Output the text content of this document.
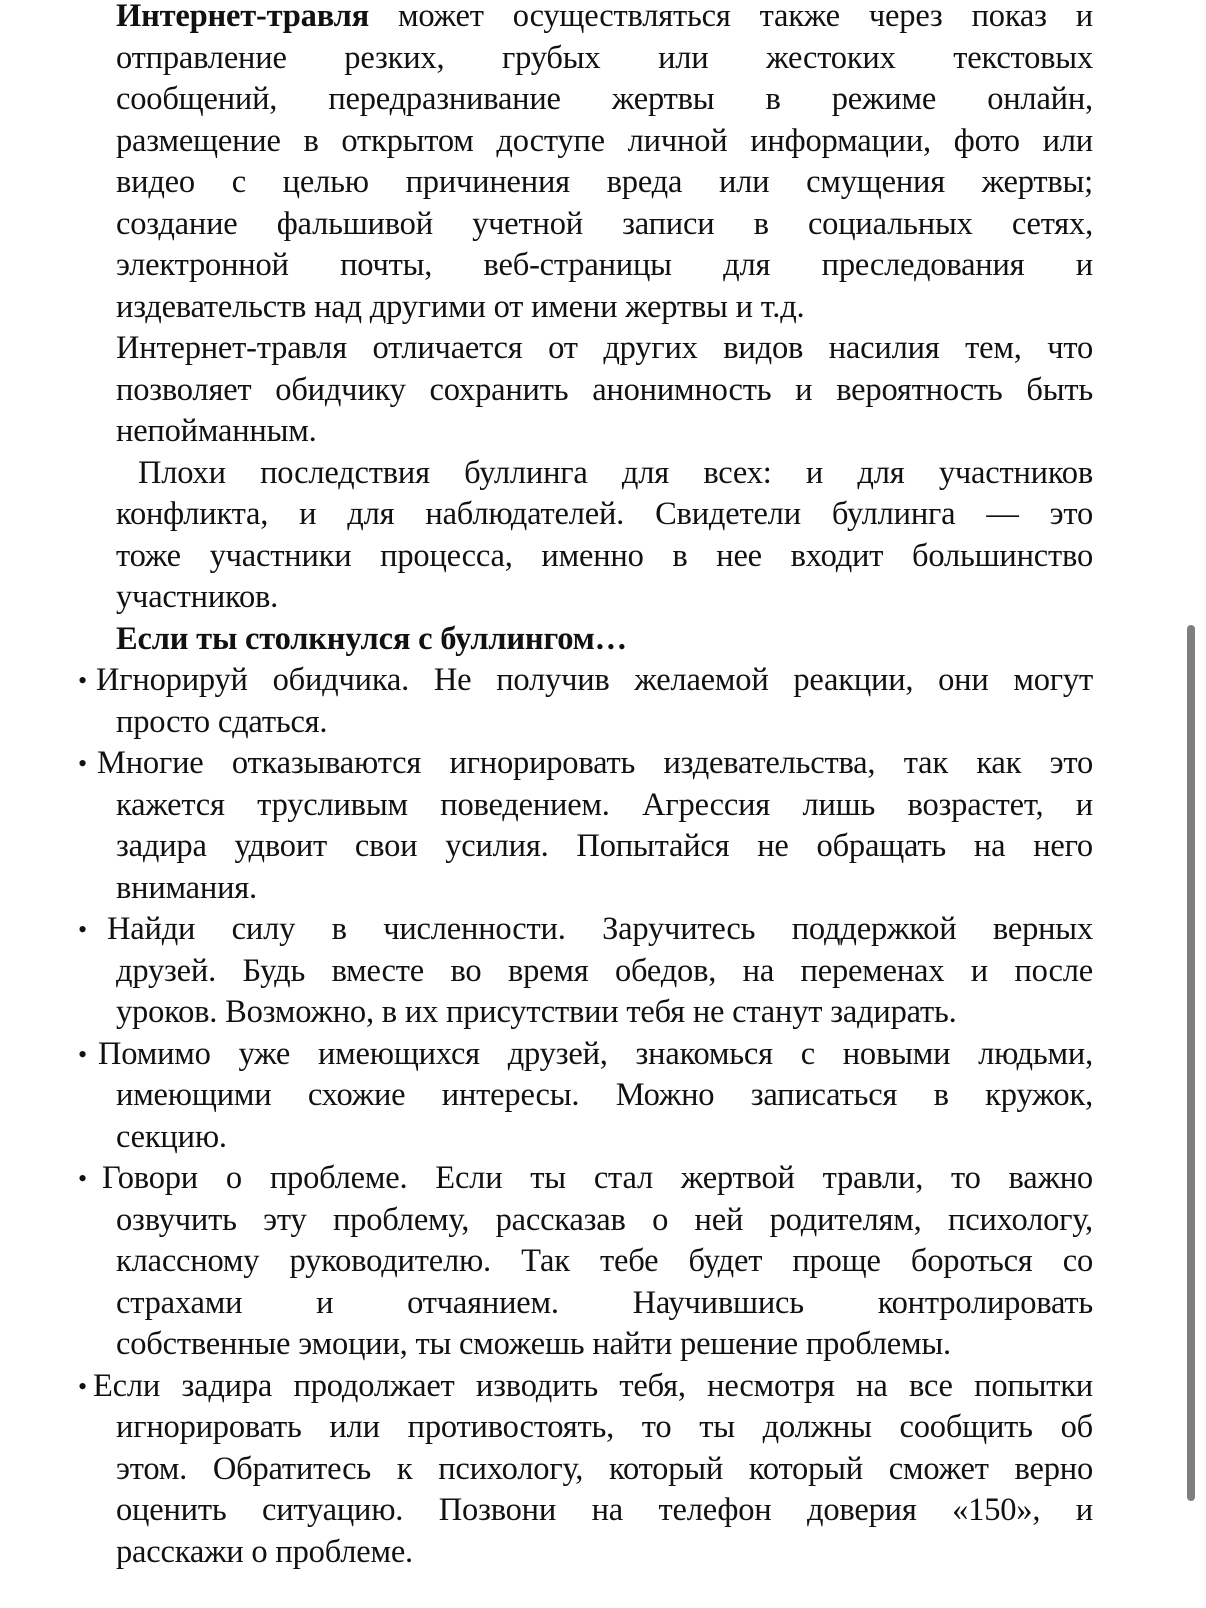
Интернет-травля может осуществляться также через показ и
отправление резких, грубых или жестоких текстовых
сообщений, передразнивание жертвы в режиме онлайн,
размещение в открытом доступе личной информации, фото или
видео с целью причинения вреда или смущения жертвы;
создание фальшивой учетной записи в социальных сетях,
электронной почты, веб-страницы для преследования и
издевательств над другими от имени жертвы и т.д.
Интернет-травля отличается от других видов насилия тем, что
позволяет обидчику сохранить анонимность и вероятность быть
непойманным.
Плохи последствия буллинга для всех: и для участников
конфликта, и для наблюдателей. Свидетели буллинга — это
тоже участники процесса, именно в нее входит большинство
участников.
Если ты столкнулся с буллингом…
• Игнорируй обидчика. Не получив желаемой реакции, они могут
просто сдаться.
• Многие отказываются игнорировать издевательства, так как это
кажется трусливым поведением. Агрессия лишь возрастет, и
задира удвоит свои усилия. Попытайся не обращать на него
внимания.
• Найди силу в численности. Заручитесь поддержкой верных
друзей. Будь вместе во время обедов, на переменах и после
уроков. Возможно, в их присутствии тебя не станут задирать.
• Помимо уже имеющихся друзей, знакомься с новыми людьми,
имеющими схожие интересы. Можно записаться в кружок,
секцию.
• Говори о проблеме. Если ты стал жертвой травли, то важно
озвучить эту проблему, рассказав о ней родителям, психологу,
классному руководителю. Так тебе будет проще бороться со
страхами и отчаянием. Научившись контролировать
собственные эмоции, ты сможешь найти решение проблемы.
• Если задира продолжает изводить тебя, несмотря на все попытки
игнорировать или противостоять, то ты должны сообщить об
этом. Обратитесь к психологу, который который сможет верно
оценить ситуацию. Позвони на телефон доверия «150», и
расскажи о проблеме.
